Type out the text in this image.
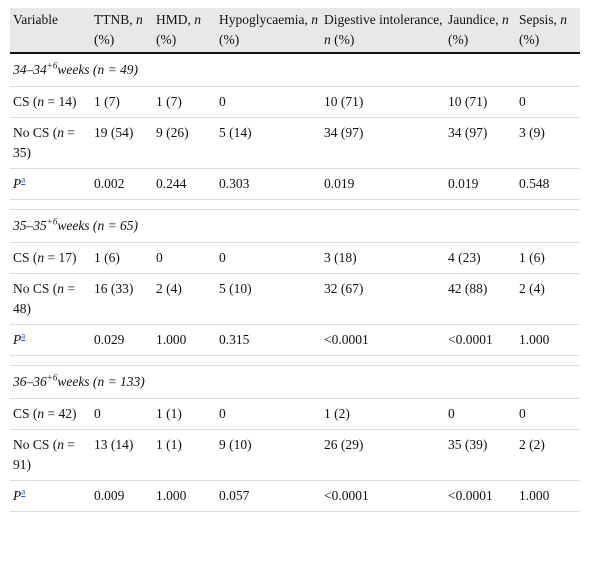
Variable	TTNB, n (%)	HMD, n (%)	Hypoglycaemia, n (%)	Digestive intolerance, n (%)	Jaundice, n (%)	Sepsis, n (%)
$34-34^{+6}weeks$ (n = 49)						
CS (n = 14)	1 (7)	1 (7)	0	10 (71)	10 (71)	0
No CS (n = 35)	19 (54)	9 (26)	5 (14)	34 (97)	34 (97)	3 (9)
$P^a$	0.002	0.244	0.303	0.019	0.019	0.548

$35-35^{+6}weeks$ (n = 65)						
CS (n = 17)	1 (6)	0	0	3 (18)	4 (23)	1 (6)
No CS (n = 48)	16 (33)	2 (4)	5 (10)	32 (67)	42 (88)	2 (4)
$P^a$	0.029	1.000	0.315	<0.0001	<0.0001	1.000

$36-36^{+6}weeks$ (n = 133)						
CS (n = 42)	0	1 (1)	0	1 (2)	0	0
No CS (n = 91)	13 (14)	1 (1)	9 (10)	26 (29)	35 (39)	2 (2)
$P^a$	0.009	1.000	0.057	<0.0001	<0.0001	1.000
